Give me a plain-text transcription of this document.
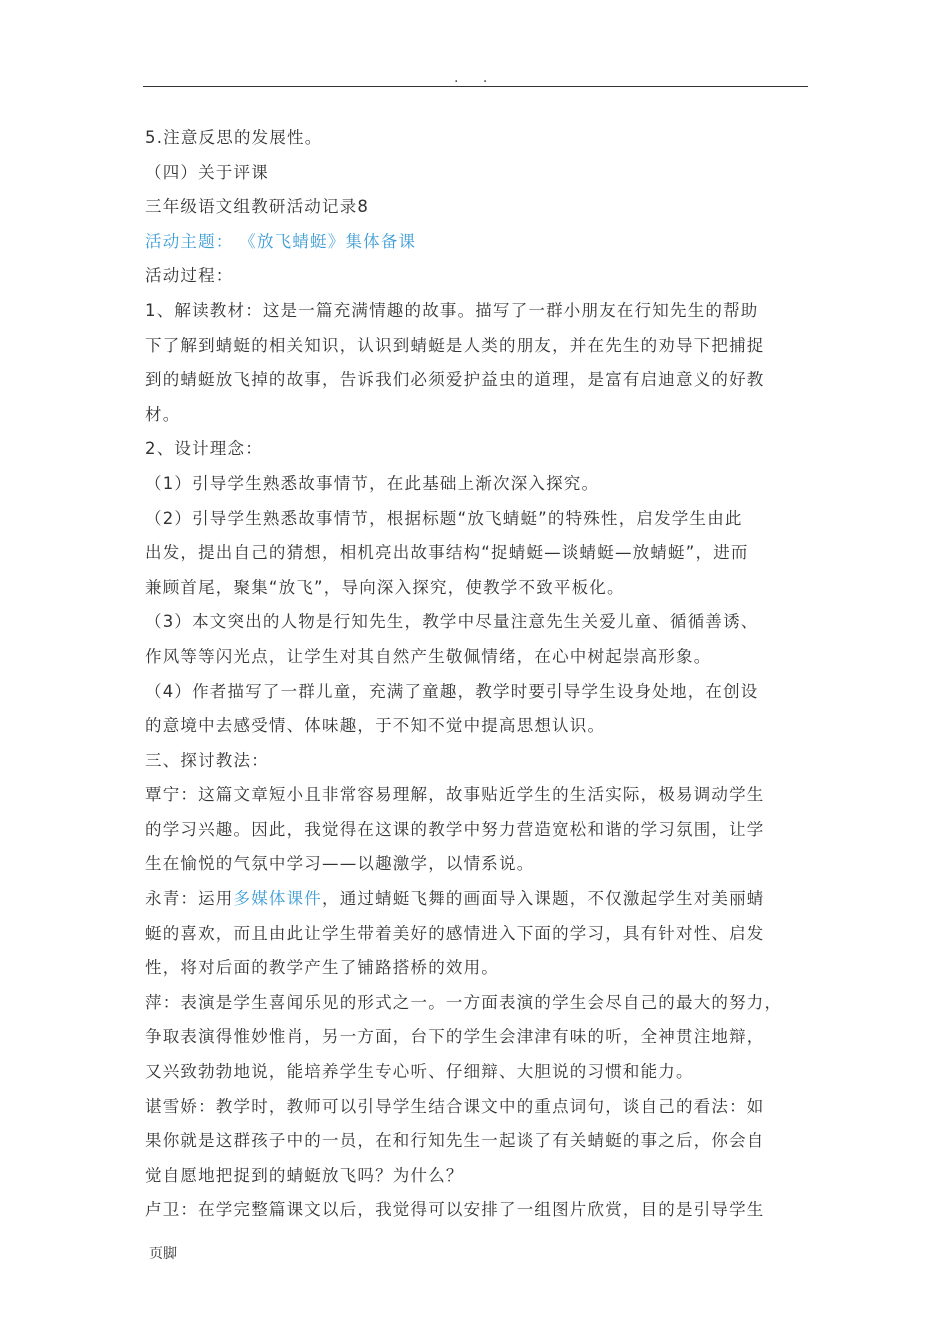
. .
5.注意反思的发展性。
（四）关于评课
三年级语文组教研活动记录8
活动主题： 《放飞蜻蜓》集体备课
活动过程：
1、解读教材：这是一篇充满情趣的故事。描写了一群小朋友在行知先生的帮助
下了解到蜻蜓的相关知识，认识到蜻蜓是人类的朋友，并在先生的劝导下把捕捉
到的蜻蜓放飞掉的故事，告诉我们必须爱护益虫的道理，是富有启迪意义的好教
材。
2、设计理念：
（1）引导学生熟悉故事情节，在此基础上渐次深入探究。
（2）引导学生熟悉故事情节，根据标题“放飞蜻蜓”的特殊性，启发学生由此
出发，提出自己的猜想，相机亮出故事结构“捉蜻蜓—谈蜻蜓—放蜻蜓”，进而
兼顾首尾，聚集“放飞”，导向深入探究，使教学不致平板化。
（3）本文突出的人物是行知先生，教学中尽量注意先生关爱儿童、循循善诱、
作风等等闪光点，让学生对其自然产生敬佩情绪，在心中树起崇高形象。
（4）作者描写了一群儿童，充满了童趣，教学时要引导学生设身处地，在创设
的意境中去感受情、体味趣，于不知不觉中提高思想认识。
三、探讨教法：
覃宁：这篇文章短小且非常容易理解，故事贴近学生的生活实际，极易调动学生
的学习兴趣。因此，我觉得在这课的教学中努力营造宽松和谐的学习氛围，让学
生在愉悦的气氛中学习——以趣激学，以情系说。
永青：运用多媒体课件，通过蜻蜓飞舞的画面导入课题，不仅激起学生对美丽蜻
蜓的喜欢，而且由此让学生带着美好的感情进入下面的学习，具有针对性、启发
性，将对后面的教学产生了铺路搭桥的效用。
萍：表演是学生喜闻乐见的形式之一。一方面表演的学生会尽自己的最大的努力，
争取表演得惟妙惟肖，另一方面，台下的学生会津津有味的听，全神贯注地辩，
又兴致勃勃地说，能培养学生专心听、仔细辩、大胆说的习惯和能力。
谌雪娇：教学时，教师可以引导学生结合课文中的重点词句，谈自己的看法：如
果你就是这群孩子中的一员，在和行知先生一起谈了有关蜻蜓的事之后，你会自
觉自愿地把捉到的蜻蜓放飞吗？为什么？
卢卫：在学完整篇课文以后，我觉得可以安排了一组图片欣赏，目的是引导学生
页脚
